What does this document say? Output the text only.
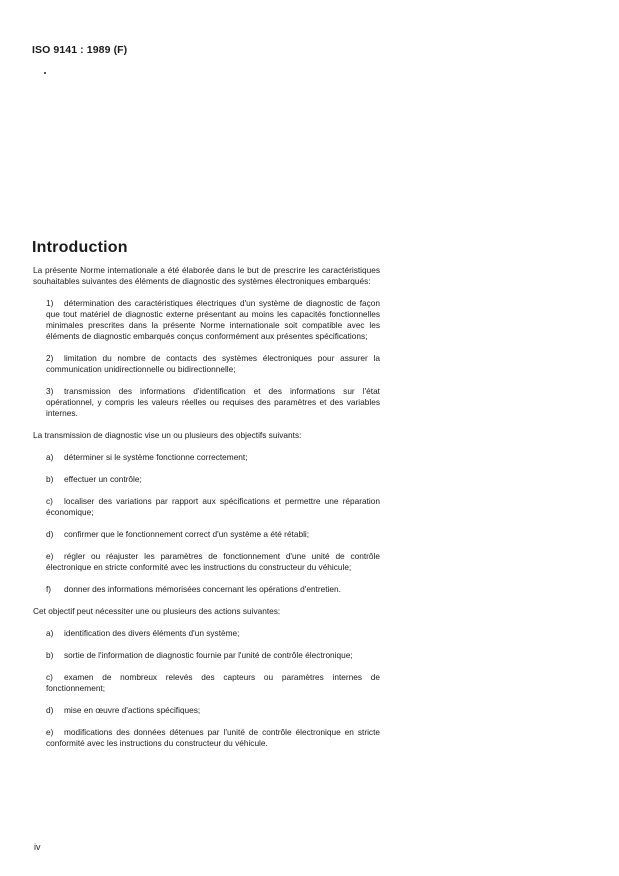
ISO 9141 : 1989 (F)
Introduction

La présente Norme internationale a été élaborée dans le but de prescrire les caractéristiques souhaitables suivantes des éléments de diagnostic des systèmes électroniques embarqués:

1) détermination des caractéristiques électriques d'un système de diagnostic de façon que tout matériel de diagnostic externe présentant au moins les capacités fonctionnelles minimales prescrites dans la présente Norme internationale soit compatible avec les éléments de diagnostic embarqués conçus conformément aux présentes spécifications;

2) limitation du nombre de contacts des systèmes électroniques pour assurer la communication unidirectionnelle ou bidirectionnelle;

3) transmission des informations d'identification et des informations sur l'état opérationnel, y compris les valeurs réelles ou requises des paramètres et des variables internes.

La transmission de diagnostic vise un ou plusieurs des objectifs suivants:

a) déterminer si le système fonctionne correctement;

b) effectuer un contrôle;

c) localiser des variations par rapport aux spécifications et permettre une réparation économique;

d) confirmer que le fonctionnement correct d'un système a été rétabli;

e) régler ou réajuster les paramètres de fonctionnement d'une unité de contrôle électronique en stricte conformité avec les instructions du constructeur du véhicule;

f) donner des informations mémorisées concernant les opérations d'entretien.

Cet objectif peut nécessiter une ou plusieurs des actions suivantes:

a) identification des divers éléments d'un système;

b) sortie de l'information de diagnostic fournie par l'unité de contrôle électronique;

c) examen de nombreux relevés des capteurs ou paramètres internes de fonctionnement;

d) mise en œuvre d'actions spécifiques;

e) modifications des données détenues par l'unité de contrôle électronique en stricte conformité avec les instructions du constructeur du véhicule.

iv
